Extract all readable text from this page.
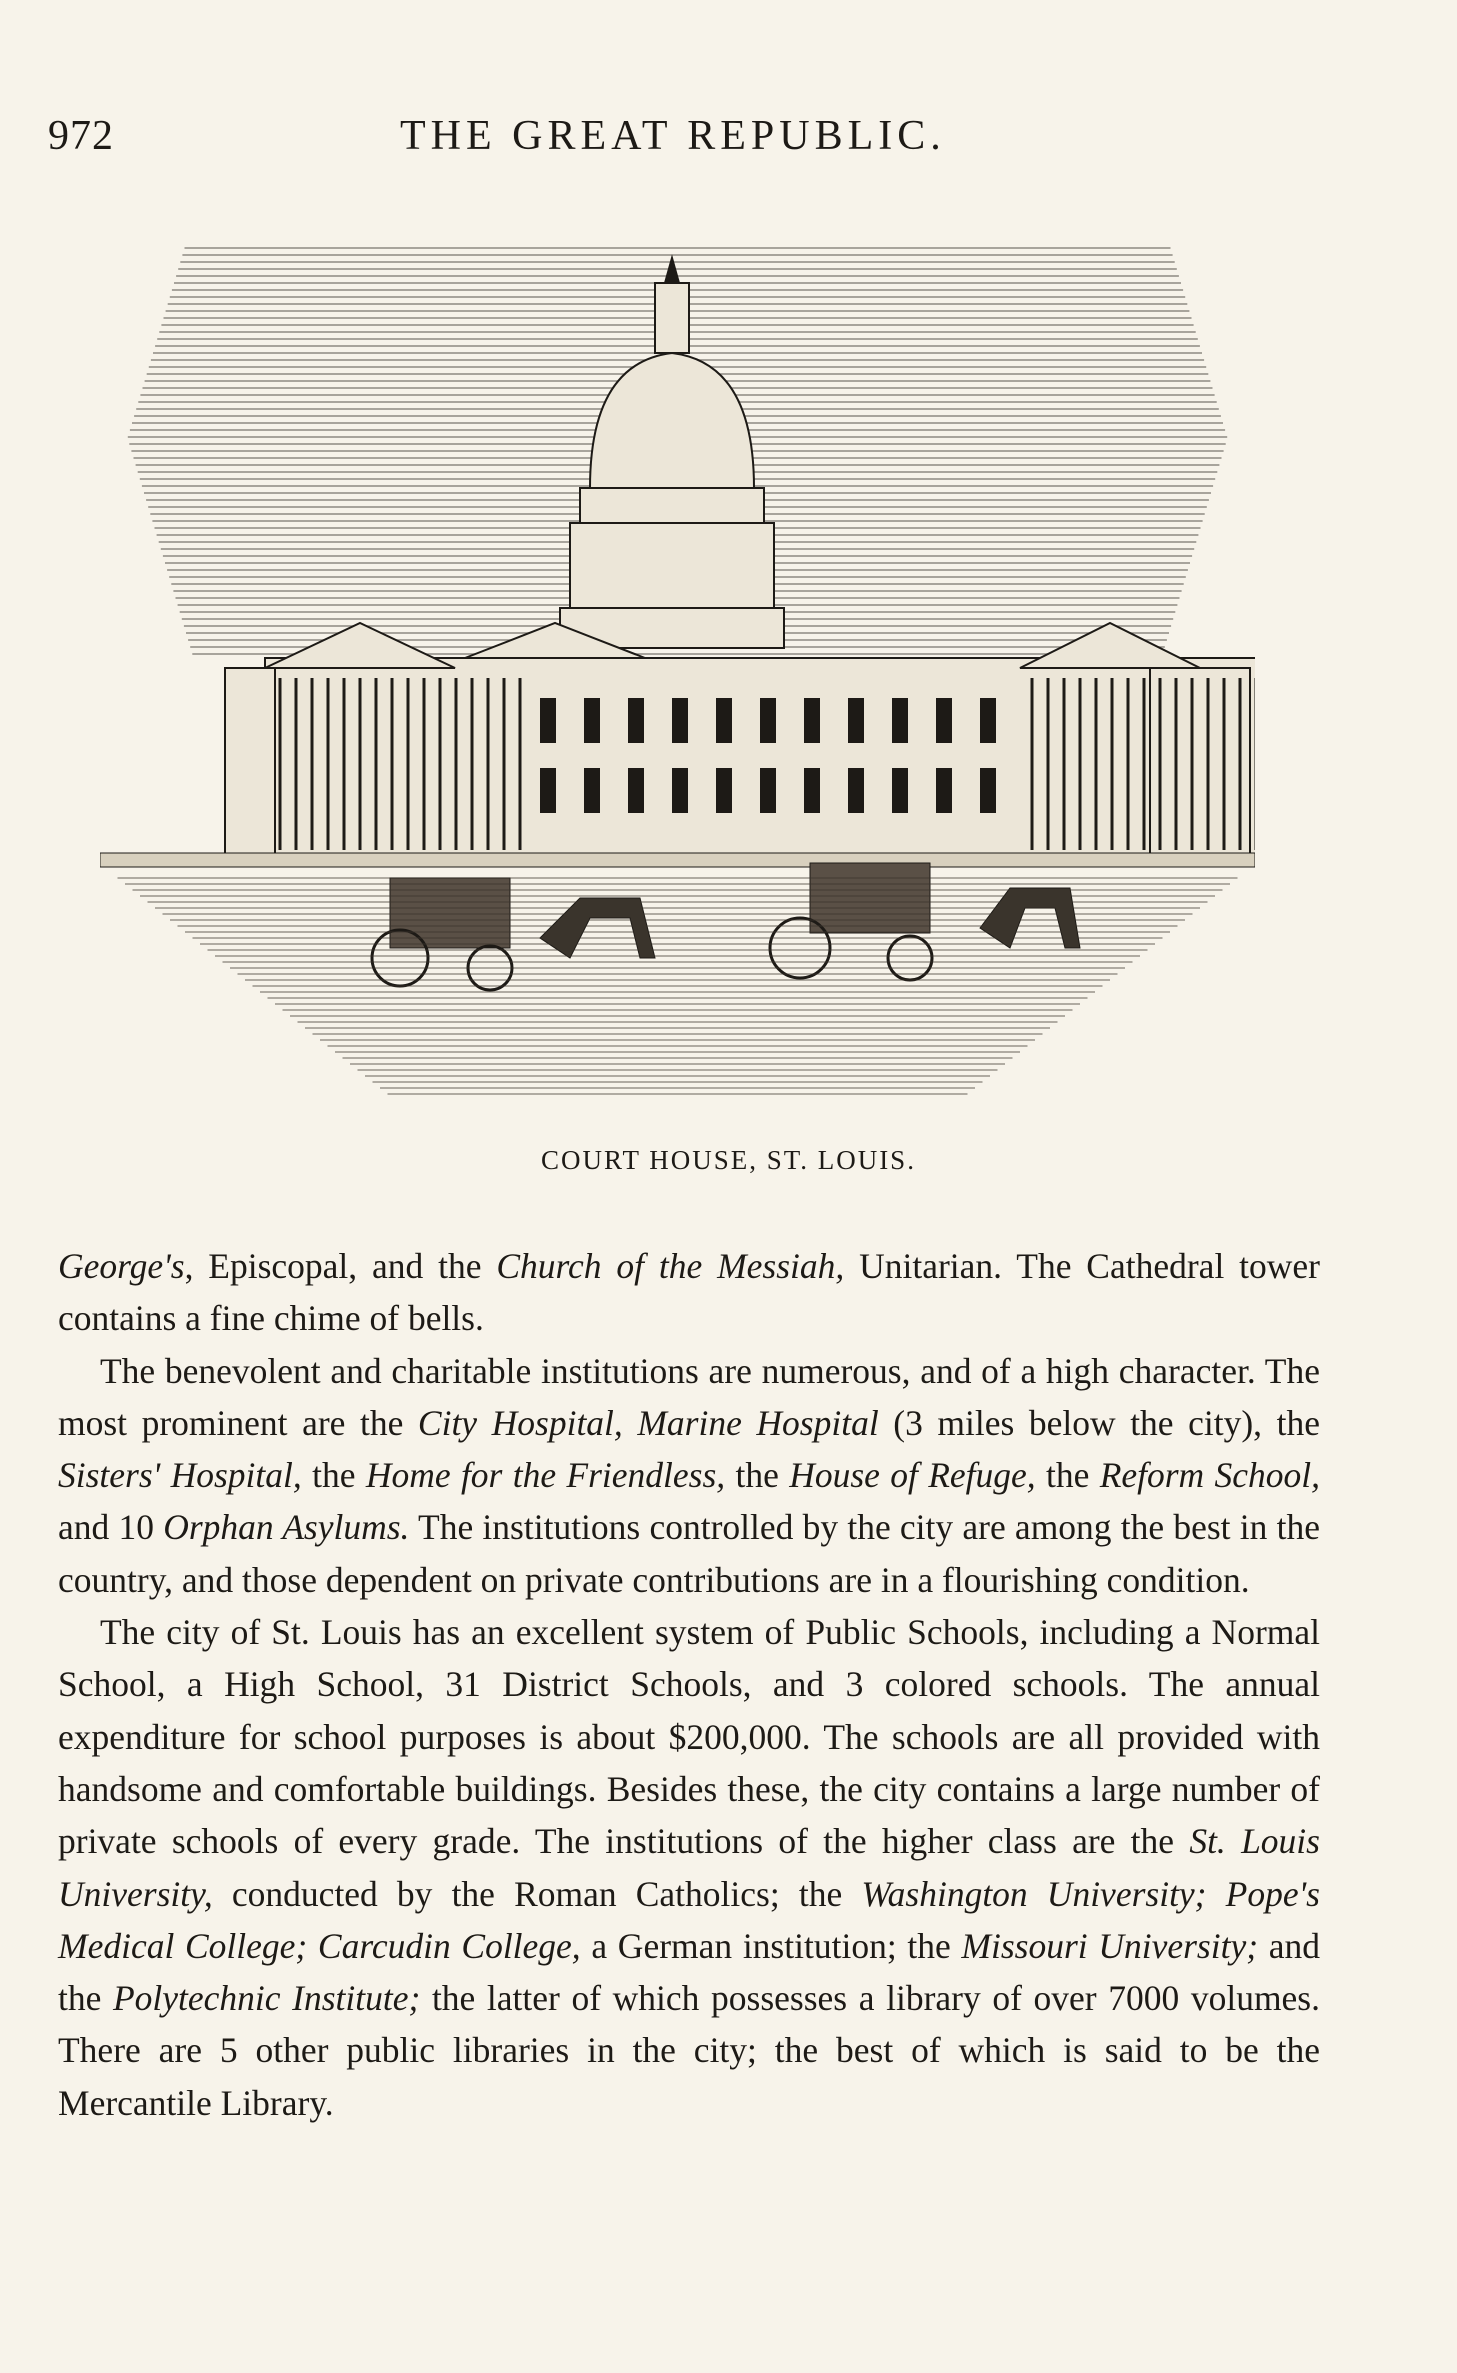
972	THE GREAT REPUBLIC.
COURT HOUSE, ST. LOUIS.

George's, Episcopal, and the Church of the Messiah, Unitarian. The Cathedral tower contains a fine chime of bells.

The benevolent and charitable institutions are numerous, and of a high character. The most prominent are the City Hospital, Marine Hospital (3 miles below the city), the Sisters' Hospital, the Home for the Friendless, the House of Refuge, the Reform School, and 10 Orphan Asylums. The institutions controlled by the city are among the best in the country, and those dependent on private contributions are in a flourishing condition.

The city of St. Louis has an excellent system of Public Schools, including a Normal School, a High School, 31 District Schools, and 3 colored schools. The annual expenditure for school purposes is about $200,000. The schools are all provided with handsome and comfortable buildings. Besides these, the city contains a large number of private schools of every grade. The institutions of the higher class are the St. Louis University, conducted by the Roman Catholics; the Washington University; Pope's Medical College; Carcudin College, a German institution; the Missouri University; and the Polytechnic Institute; the latter of which possesses a library of over 7000 volumes. There are 5 other public libraries in the city; the best of which is said to be the Mercantile Library.
